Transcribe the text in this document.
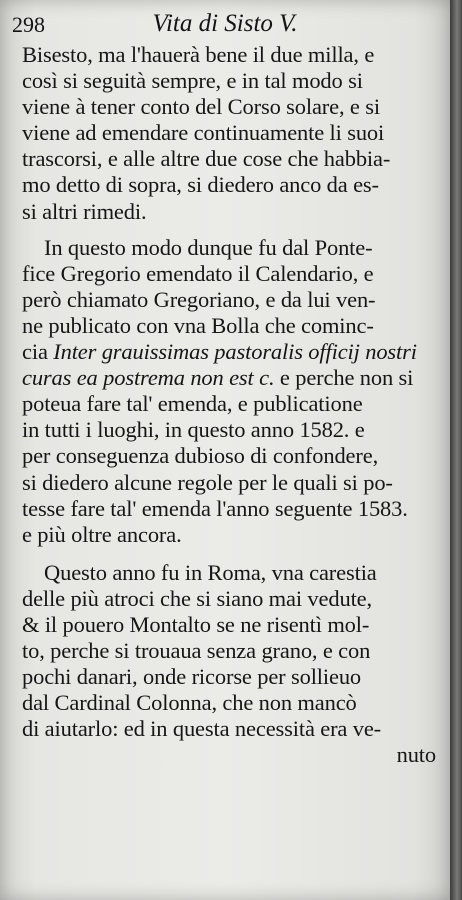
298	Vita di Sisto V.
Bisesto, ma l'hauerà bene il due milla, e
così si seguità sempre, e in tal modo si
viene à tener conto del Corso solare, e si
viene ad emendare continuamente li suoi
trascorsi, e alle altre due cose che habbia-
mo detto di sopra, si diedero anco da es-
si altri rimedi.
In questo modo dunque fu dal Ponte-
fice Gregorio emendato il Calendario, e
però chiamato Gregoriano, e da lui ven-
ne publicato con vna Bolla che cominc-
cia Inter grauissimas pastoralis officij nostri
curas ea postrema non est c. e perche non si
poteua fare tal' emenda, e publicatione
in tutti i luoghi, in questo anno 1582. e
per conseguenza dubioso di confondere,
si diedero alcune regole per le quali si po-
tesse fare tal' emenda l'anno seguente 1583.
e più oltre ancora.
Questo anno fu in Roma, vna carestia
delle più atroci che si siano mai vedute,
& il pouero Montalto se ne risentì mol-
to, perche si trouaua senza grano, e con
pochi danari, onde ricorse per sollieuo
dal Cardinal Colonna, che non mancò
di aiutarlo: ed in questa necessità era ve-
nuto
